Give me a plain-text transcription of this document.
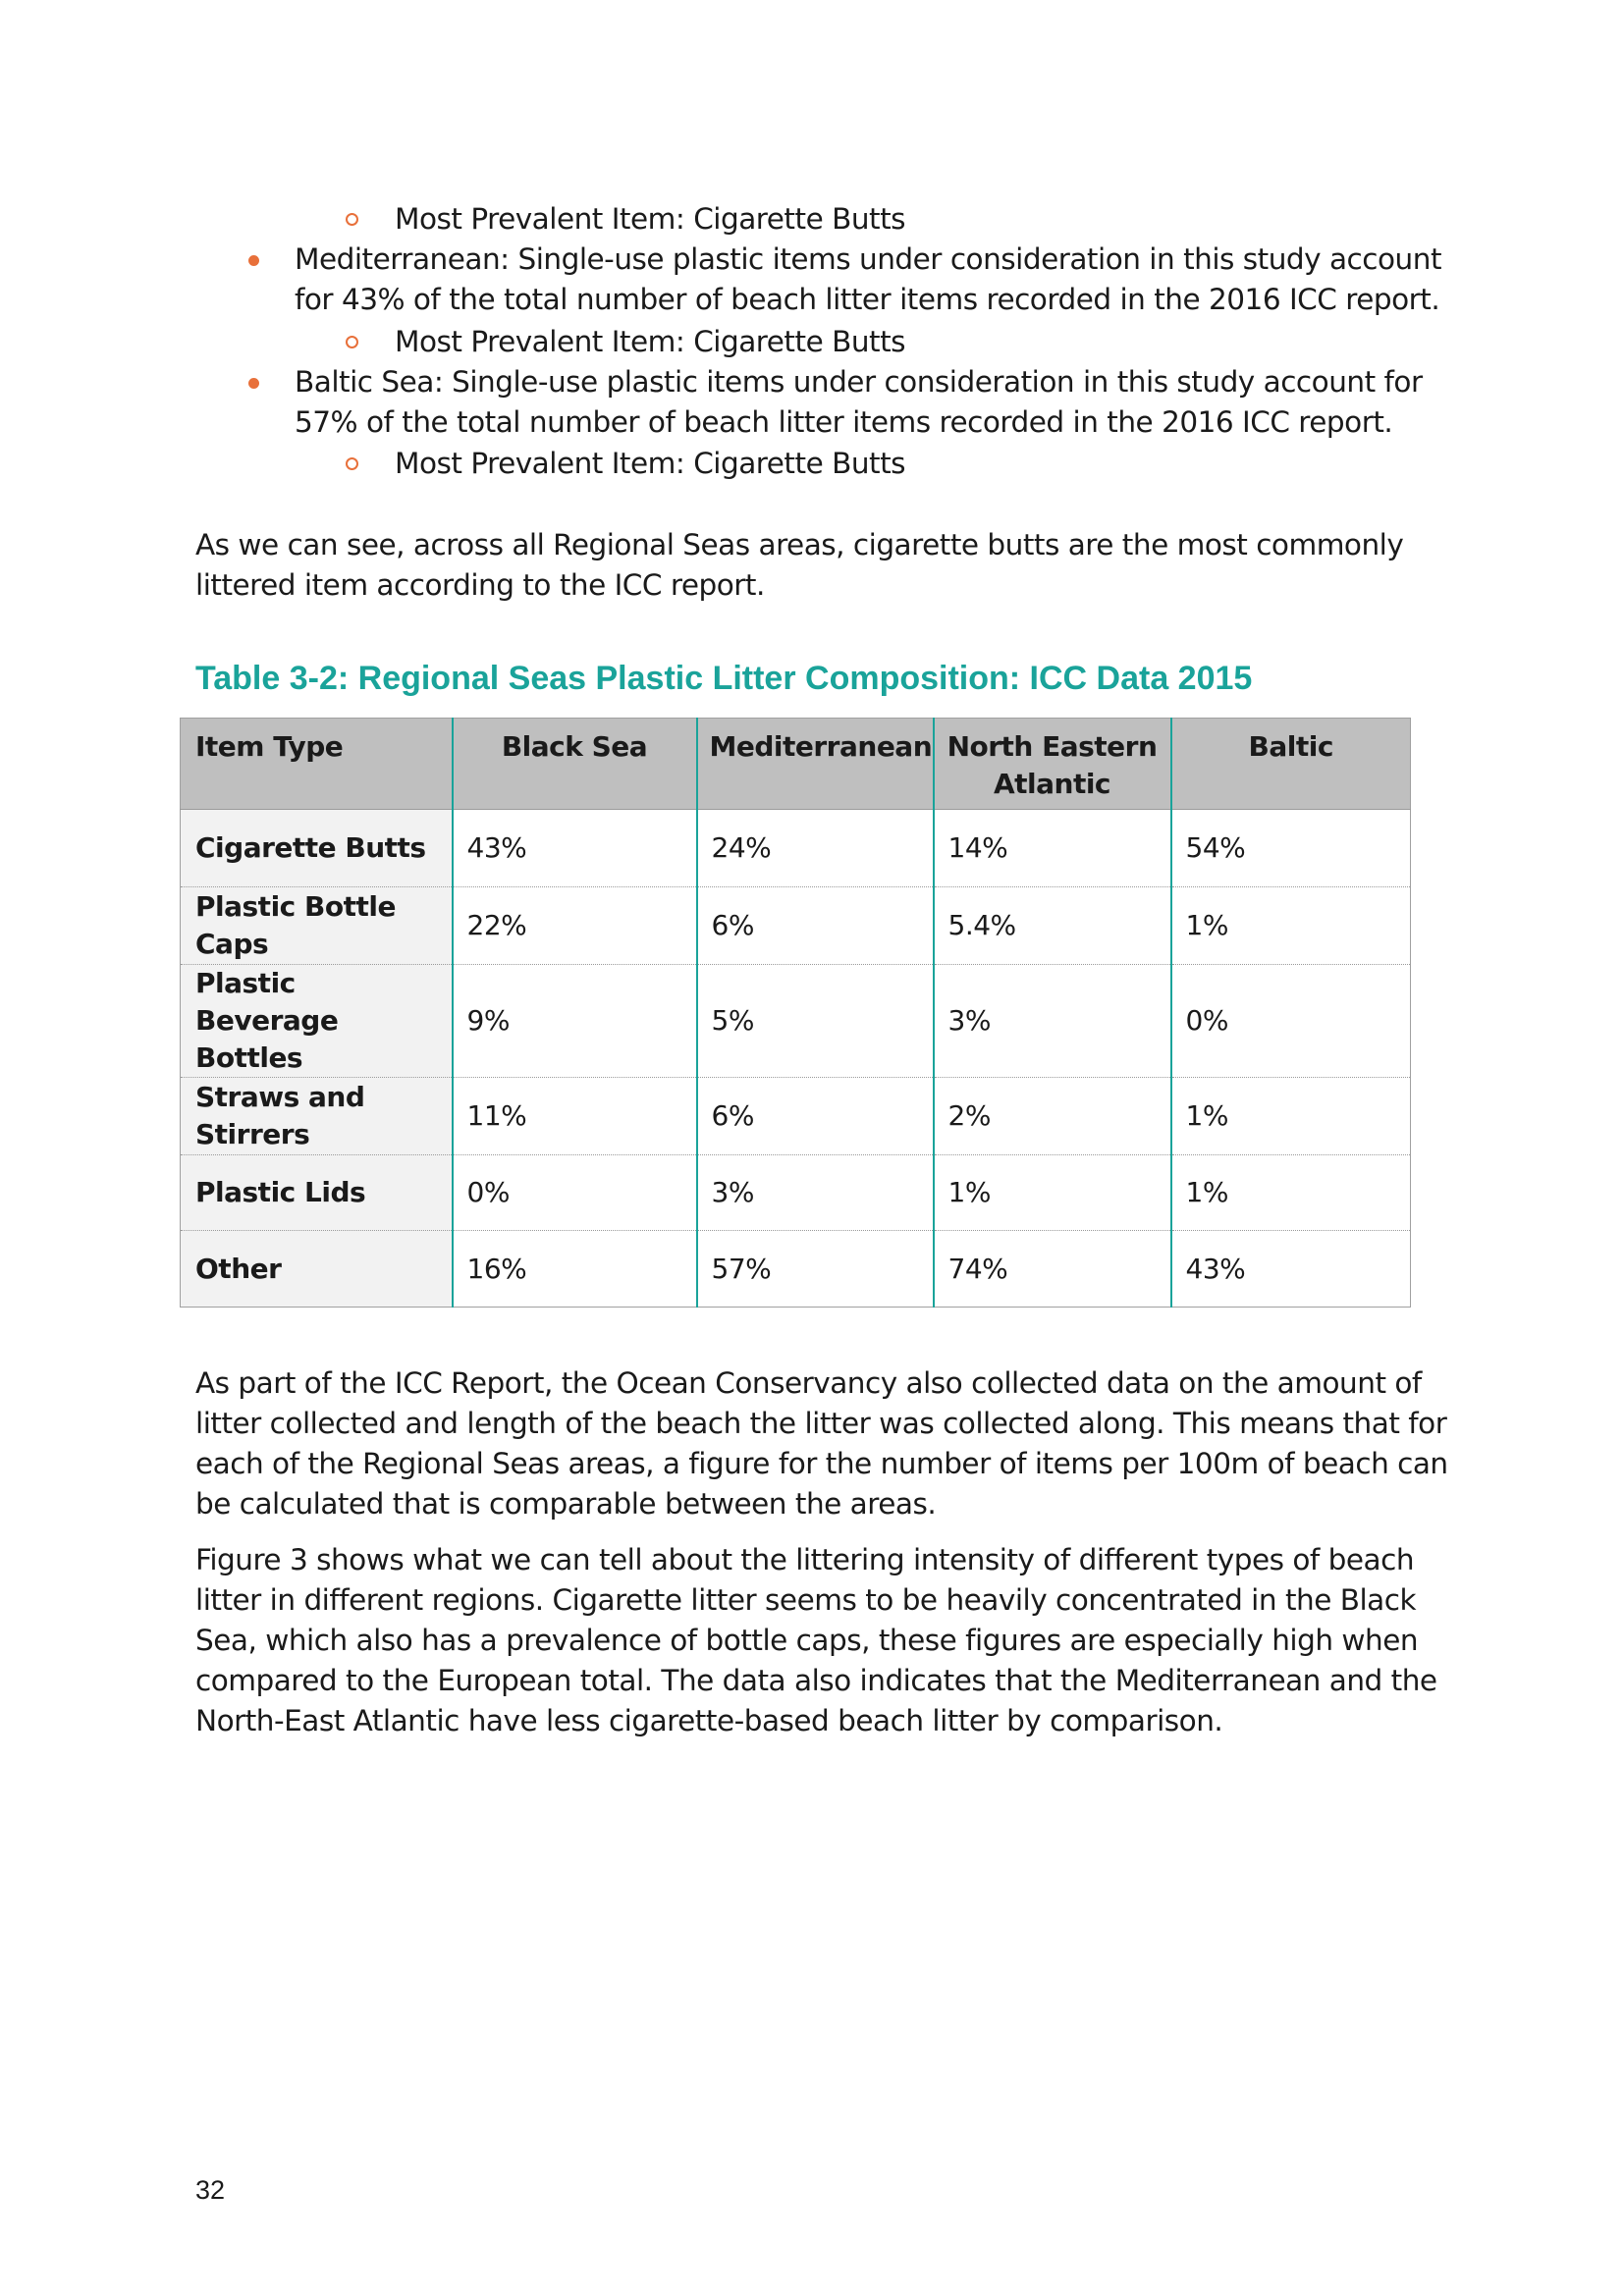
Most Prevalent Item: Cigarette Butts
Mediterranean: Single-use plastic items under consideration in this study account
for 43% of the total number of beach litter items recorded in the 2016 ICC report.
Most Prevalent Item: Cigarette Butts
Baltic Sea: Single-use plastic items under consideration in this study account for
57% of the total number of beach litter items recorded in the 2016 ICC report.
Most Prevalent Item: Cigarette Butts
As we can see, across all Regional Seas areas, cigarette butts are the most commonly
littered item according to the ICC report.
Table 3-2: Regional Seas Plastic Litter Composition: ICC Data 2015
Item Type	Black Sea	Mediterranean	North Eastern Atlantic	Baltic
Cigarette Butts	43%	24%	14%	54%
Plastic Bottle Caps	22%	6%	5.4%	1%
Plastic Beverage
Bottles	9%	5%	3%	0%
Straws and Stirrers	11%	6%	2%	1%
Plastic Lids	0%	3%	1%	1%
Other	16%	57%	74%	43%
As part of the ICC Report, the Ocean Conservancy also collected data on the amount of
litter collected and length of the beach the litter was collected along. This means that for
each of the Regional Seas areas, a figure for the number of items per 100m of beach can
be calculated that is comparable between the areas.
Figure 3 shows what we can tell about the littering intensity of different types of beach
litter in different regions. Cigarette litter seems to be heavily concentrated in the Black
Sea, which also has a prevalence of bottle caps, these figures are especially high when
compared to the European total. The data also indicates that the Mediterranean and the
North-East Atlantic have less cigarette-based beach litter by comparison.
32
